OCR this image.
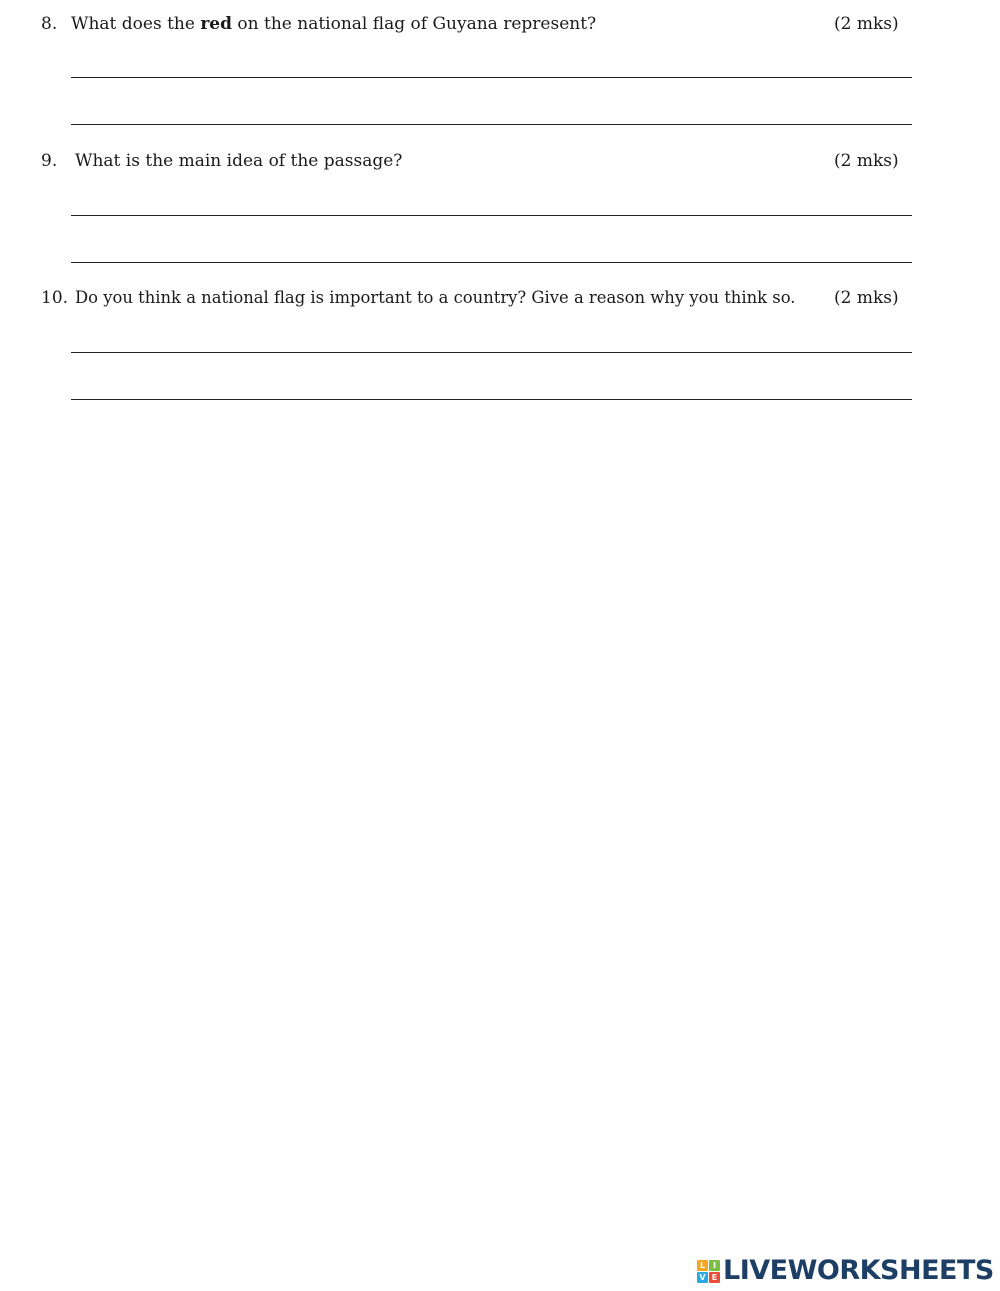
8. What does the red on the national flag of Guyana represent?	(2 mks)
9. What is the main idea of the passage?	(2 mks)
10. Do you think a national flag is important to a country? Give a reason why you think so. (2 mks)
L I
V E LIVEWORKSHEETS
